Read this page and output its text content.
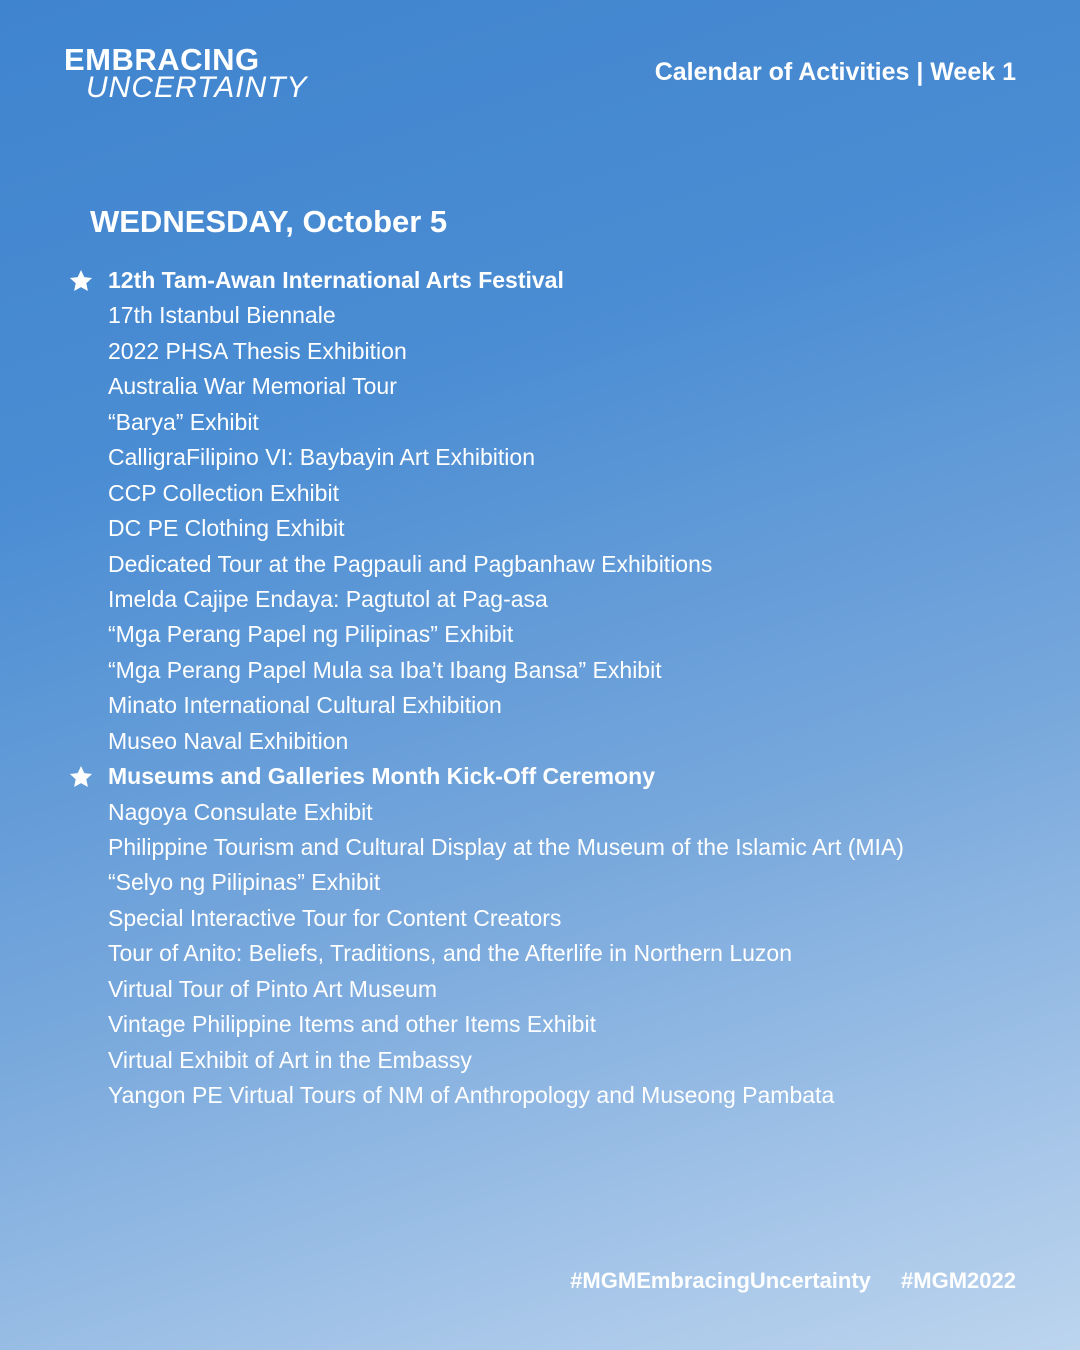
EMBRACING
UNCERTAINTY	Calendar of Activities | Week 1
WEDNESDAY, October 5
12th Tam-Awan International Arts Festival
17th Istanbul Biennale
2022 PHSA Thesis Exhibition
Australia War Memorial Tour
“Barya” Exhibit
CalligraFilipino VI: Baybayin Art Exhibition
CCP Collection Exhibit
DC PE Clothing Exhibit
Dedicated Tour at the Pagpauli and Pagbanhaw Exhibitions
Imelda Cajipe Endaya: Pagtutol at Pag-asa
“Mga Perang Papel ng Pilipinas” Exhibit
“Mga Perang Papel Mula sa Iba’t Ibang Bansa” Exhibit
Minato International Cultural Exhibition
Museo Naval Exhibition
Museums and Galleries Month Kick-Off Ceremony
Nagoya Consulate Exhibit
Philippine Tourism and Cultural Display at the Museum of the Islamic Art (MIA)
“Selyo ng Pilipinas” Exhibit
Special Interactive Tour for Content Creators
Tour of Anito: Beliefs, Traditions, and the Afterlife in Northern Luzon
Virtual Tour of Pinto Art Museum
Vintage Philippine Items and other Items Exhibit
Virtual Exhibit of Art in the Embassy
Yangon PE Virtual Tours of NM of Anthropology and Museong Pambata
#MGMEmbracingUncertainty #MGM2022
